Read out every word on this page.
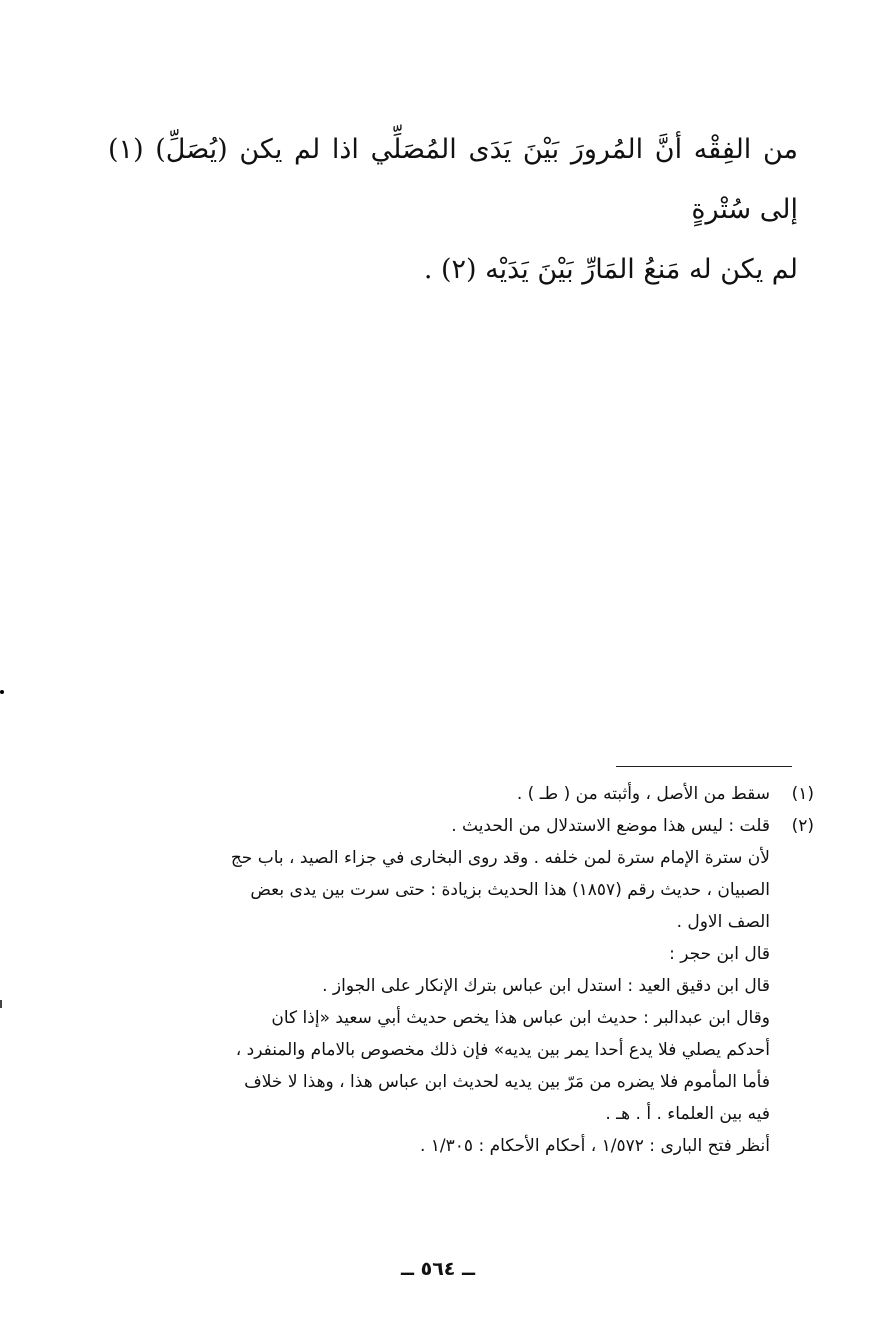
من الفِقْه أنَّ المُرورَ بَيْنَ يَدَى المُصَلِّي اذا لم يكن (يُصَلِّ) (١) إلى سُتْرةٍ

لم يكن له مَنعُ المَارِّ بَيْنَ يَدَيْه (٢) .

(١)
سقط من الأصل ، وأثبته من ( طـ ) .
(٢)
قلت : ليس هذا موضع الاستدلال من الحديث .
لأن سترة الإمام سترة لمن خلفه . وقد روى البخارى في جزاء الصيد ، باب حج
الصبيان ، حديث رقم (١٨٥٧) هذا الحديث بزيادة : حتى سرت بين يدى بعض
الصف الاول .
قال ابن حجر :
قال ابن دقيق العيد : استدل ابن عباس بترك الإنكار على الجواز .
وقال ابن عبدالبر : حديث ابن عباس هذا يخص حديث أبي سعيد «إذا كان
أحدكم يصلي فلا يدع أحدا يمر بين يديه» فإن ذلك مخصوص بالامام والمنفرد ،
فأما المأموم فلا يضره من مَرّ بين يديه لحديث ابن عباس هذا ، وهذا لا خلاف
فيه بين العلماء . أ . هـ .
أنظر فتح البارى : ١/٥٧٢ ، أحكام الأحكام : ١/٣٠٥ .
ــ ٥٦٤ ــ
